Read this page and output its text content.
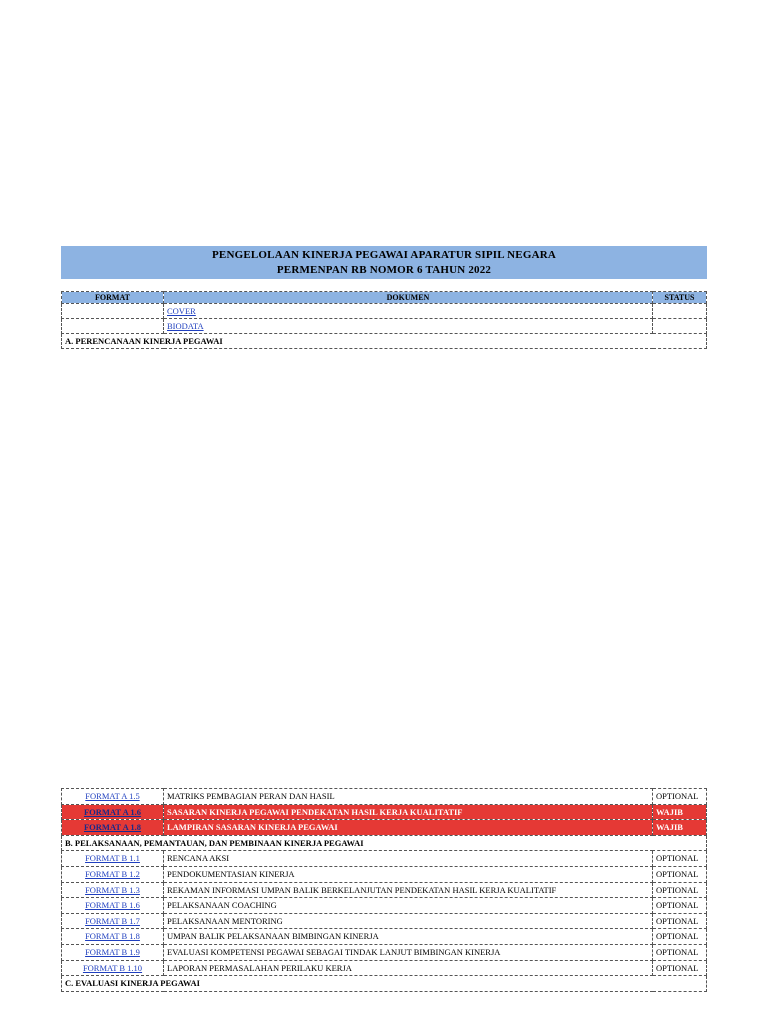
PENGELOLAAN KINERJA PEGAWAI APARATUR SIPIL NEGARA
PERMENPAN RB NOMOR 6 TAHUN 2022
FORMAT	DOKUMEN	STATUS
	COVER	
	BIODATA	
A. PERENCANAAN KINERJA PEGAWAI		
FORMAT A 1.5	MATRIKS PEMBAGIAN PERAN DAN HASIL	OPTIONAL
FORMAT A 1.6	SASARAN KINERJA PEGAWAI PENDEKATAN HASIL KERJA KUALITATIF	WAJIB
FORMAT A 1.8	LAMPIRAN SASARAN KINERJA PEGAWAI	WAJIB
B. PELAKSANAAN, PEMANTAUAN, DAN PEMBINAAN KINERJA PEGAWAI		
FORMAT B 1.1	RENCANA AKSI	OPTIONAL
FORMAT B 1.2	PENDOKUMENTASIAN KINERJA	OPTIONAL
FORMAT B 1.3	REKAMAN INFORMASI UMPAN BALIK BERKELANJUTAN PENDEKATAN HASIL KERJA KUALITATIF	OPTIONAL
FORMAT B 1.6	PELAKSANAAN COACHING	OPTIONAL
FORMAT B 1.7	PELAKSANAAN MENTORING	OPTIONAL
FORMAT B 1.8	UMPAN BALIK PELAKSANAAN BIMBINGAN KINERJA	OPTIONAL
FORMAT B 1.9	EVALUASI KOMPETENSI PEGAWAI SEBAGAI TINDAK LANJUT BIMBINGAN KINERJA	OPTIONAL
FORMAT B 1.10	LAPORAN PERMASALAHAN PERILAKU KERJA	OPTIONAL
C. EVALUASI KINERJA PEGAWAI		
